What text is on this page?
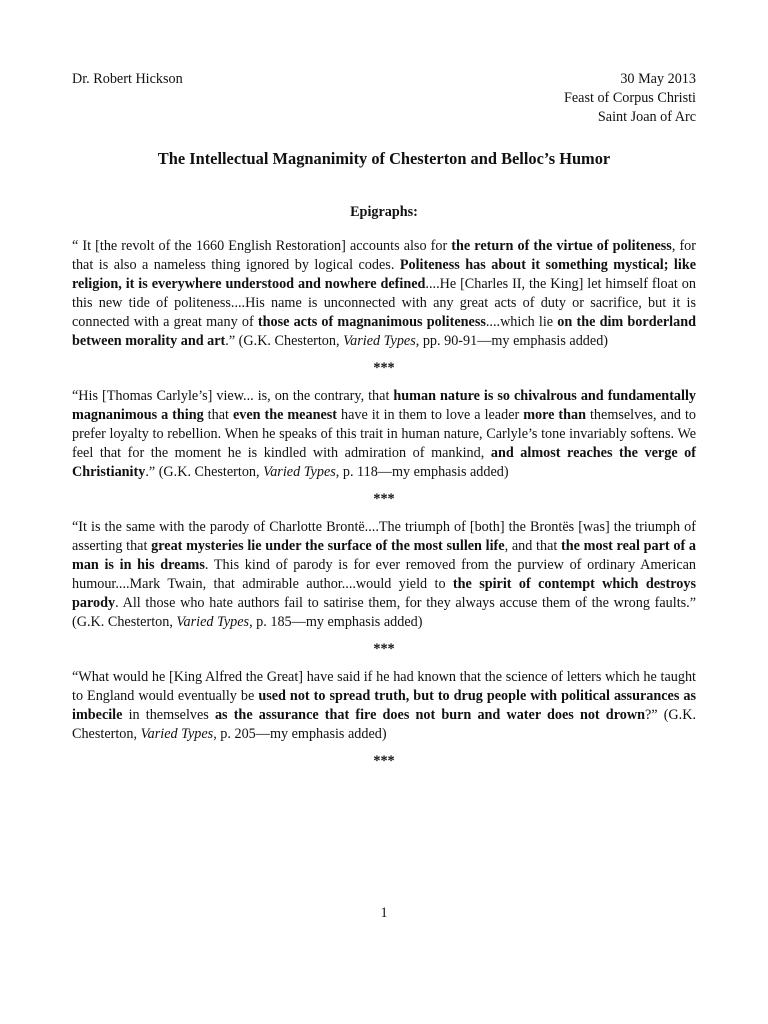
Dr. Robert Hickson	30 May 2013
Feast of Corpus Christi
Saint Joan of Arc
The Intellectual Magnanimity of Chesterton and Belloc’s Humor
Epigraphs:

“ It [the revolt of the 1660 English Restoration] accounts also for the return of the virtue of politeness, for that is also a nameless thing ignored by logical codes. Politeness has about it something mystical; like religion, it is everywhere understood and nowhere defined....He [Charles II, the King] let himself float on this new tide of politeness....His name is unconnected with any great acts of duty or sacrifice, but it is connected with a great many of those acts of magnanimous politeness....which lie on the dim borderland between morality and art.” (G.K. Chesterton, Varied Types, pp. 90-91—my emphasis added)

***

“His [Thomas Carlyle’s] view... is, on the contrary, that human nature is so chivalrous and fundamentally magnanimous a thing that even the meanest have it in them to love a leader more than themselves, and to prefer loyalty to rebellion. When he speaks of this trait in human nature, Carlyle’s tone invariably softens. We feel that for the moment he is kindled with admiration of mankind, and almost reaches the verge of Christianity.” (G.K. Chesterton, Varied Types, p. 118—my emphasis added)

***

“It is the same with the parody of Charlotte Brontë....The triumph of [both] the Brontës [was] the triumph of asserting that great mysteries lie under the surface of the most sullen life, and that the most real part of a man is in his dreams. This kind of parody is for ever removed from the purview of ordinary American humour....Mark Twain, that admirable author....would yield to the spirit of contempt which destroys parody. All those who hate authors fail to satirise them, for they always accuse them of the wrong faults.” (G.K. Chesterton, Varied Types, p. 185—my emphasis added)

***

“What would he [King Alfred the Great] have said if he had known that the science of letters which he taught to England would eventually be used not to spread truth, but to drug people with political assurances as imbecile in themselves as the assurance that fire does not burn and water does not drown?” (G.K. Chesterton, Varied Types, p. 205—my emphasis added)

***
1
